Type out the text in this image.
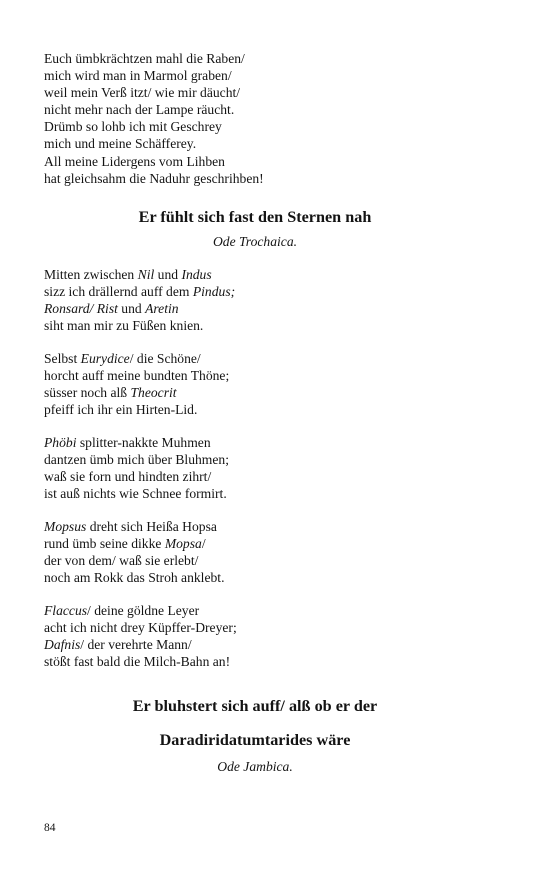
Euch ümbkrächtzen mahl die Raben/
mich wird man in Marmol graben/
weil mein Verß itzt/ wie mir däucht/
nicht mehr nach der Lampe räucht.
Drümb so lohb ich mit Geschrey
mich und meine Schäfferey.
All meine Lidergens vom Lihben
hat gleichsahm die Naduhr geschrihben!
Er fühlt sich fast den Sternen nah
Ode Trochaica.
Mitten zwischen Nil und Indus
sizz ich drällernd auff dem Pindus;
Ronsard/ Rist und Aretin
siht man mir zu Füßen knien.
Selbst Eurydice/ die Schöne/
horcht auff meine bundten Thöne;
süsser noch alß Theocrit
pfeiff ich ihr ein Hirten-Lid.
Phöbi splitter-nakkte Muhmen
dantzen ümb mich über Bluhmen;
waß sie forn und hindten zihrt/
ist auß nichts wie Schnee formirt.
Mopsus dreht sich Heißa Hopsa
rund ümb seine dikke Mopsa/
der von dem/ waß sie erlebt/
noch am Rokk das Stroh anklebt.
Flaccus/ deine göldne Leyer
acht ich nicht drey Küpffer-Dreyer;
Dafnis/ der verehrte Mann/
stößt fast bald die Milch-Bahn an!
Er bluhstert sich auff/ alß ob er der
Daradiridatumtarides wäre
Ode Jambica.
84
